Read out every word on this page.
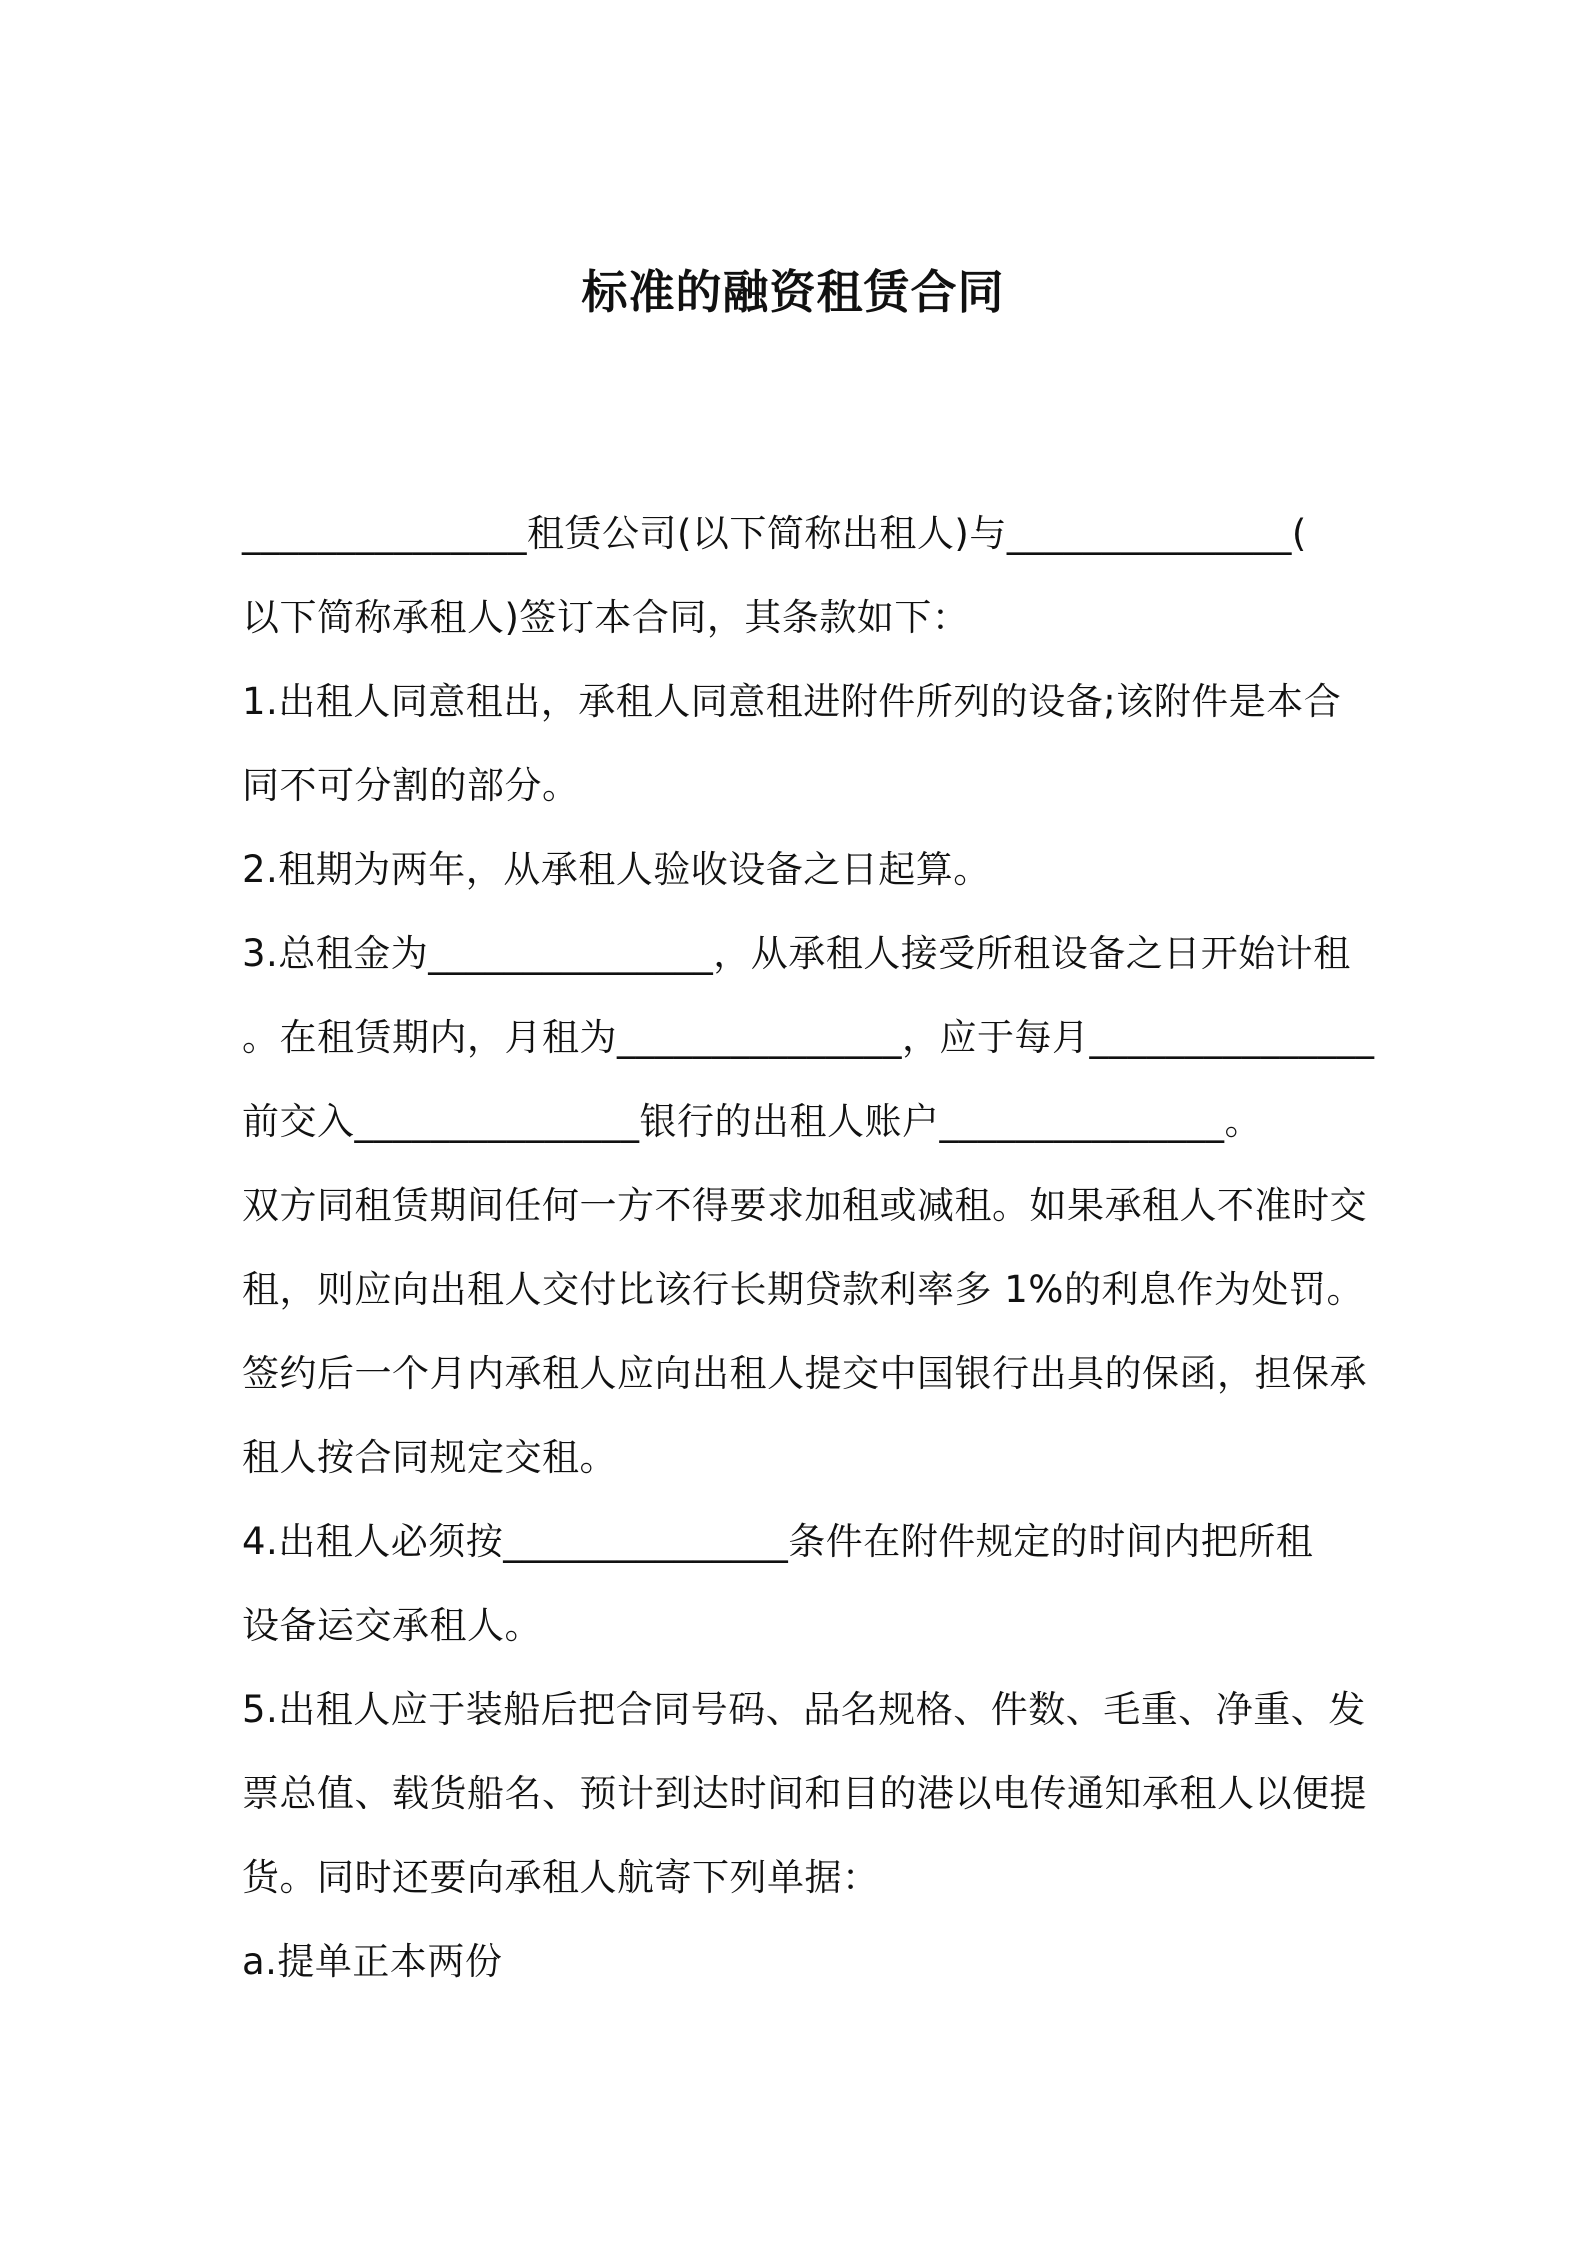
标准的融资租赁合同
_______________租赁公司(以下简称出租人)与_______________(
以下简称承租人)签订本合同，其条款如下：
1.出租人同意租出，承租人同意租进附件所列的设备;该附件是本合
同不可分割的部分。
2.租期为两年，从承租人验收设备之日起算。
3.总租金为_______________，从承租人接受所租设备之日开始计租
。在租赁期内，月租为_______________，应于每月_______________
前交入_______________银行的出租人账户_______________。
双方同租赁期间任何一方不得要求加租或减租。如果承租人不准时交
租，则应向出租人交付比该行长期贷款利率多 1%的利息作为处罚。
签约后一个月内承租人应向出租人提交中国银行出具的保函，担保承
租人按合同规定交租。
4.出租人必须按_______________条件在附件规定的时间内把所租
设备运交承租人。
5.出租人应于装船后把合同号码、品名规格、件数、毛重、净重、发
票总值、载货船名、预计到达时间和目的港以电传通知承租人以便提
货。同时还要向承租人航寄下列单据：
a.提单正本两份
